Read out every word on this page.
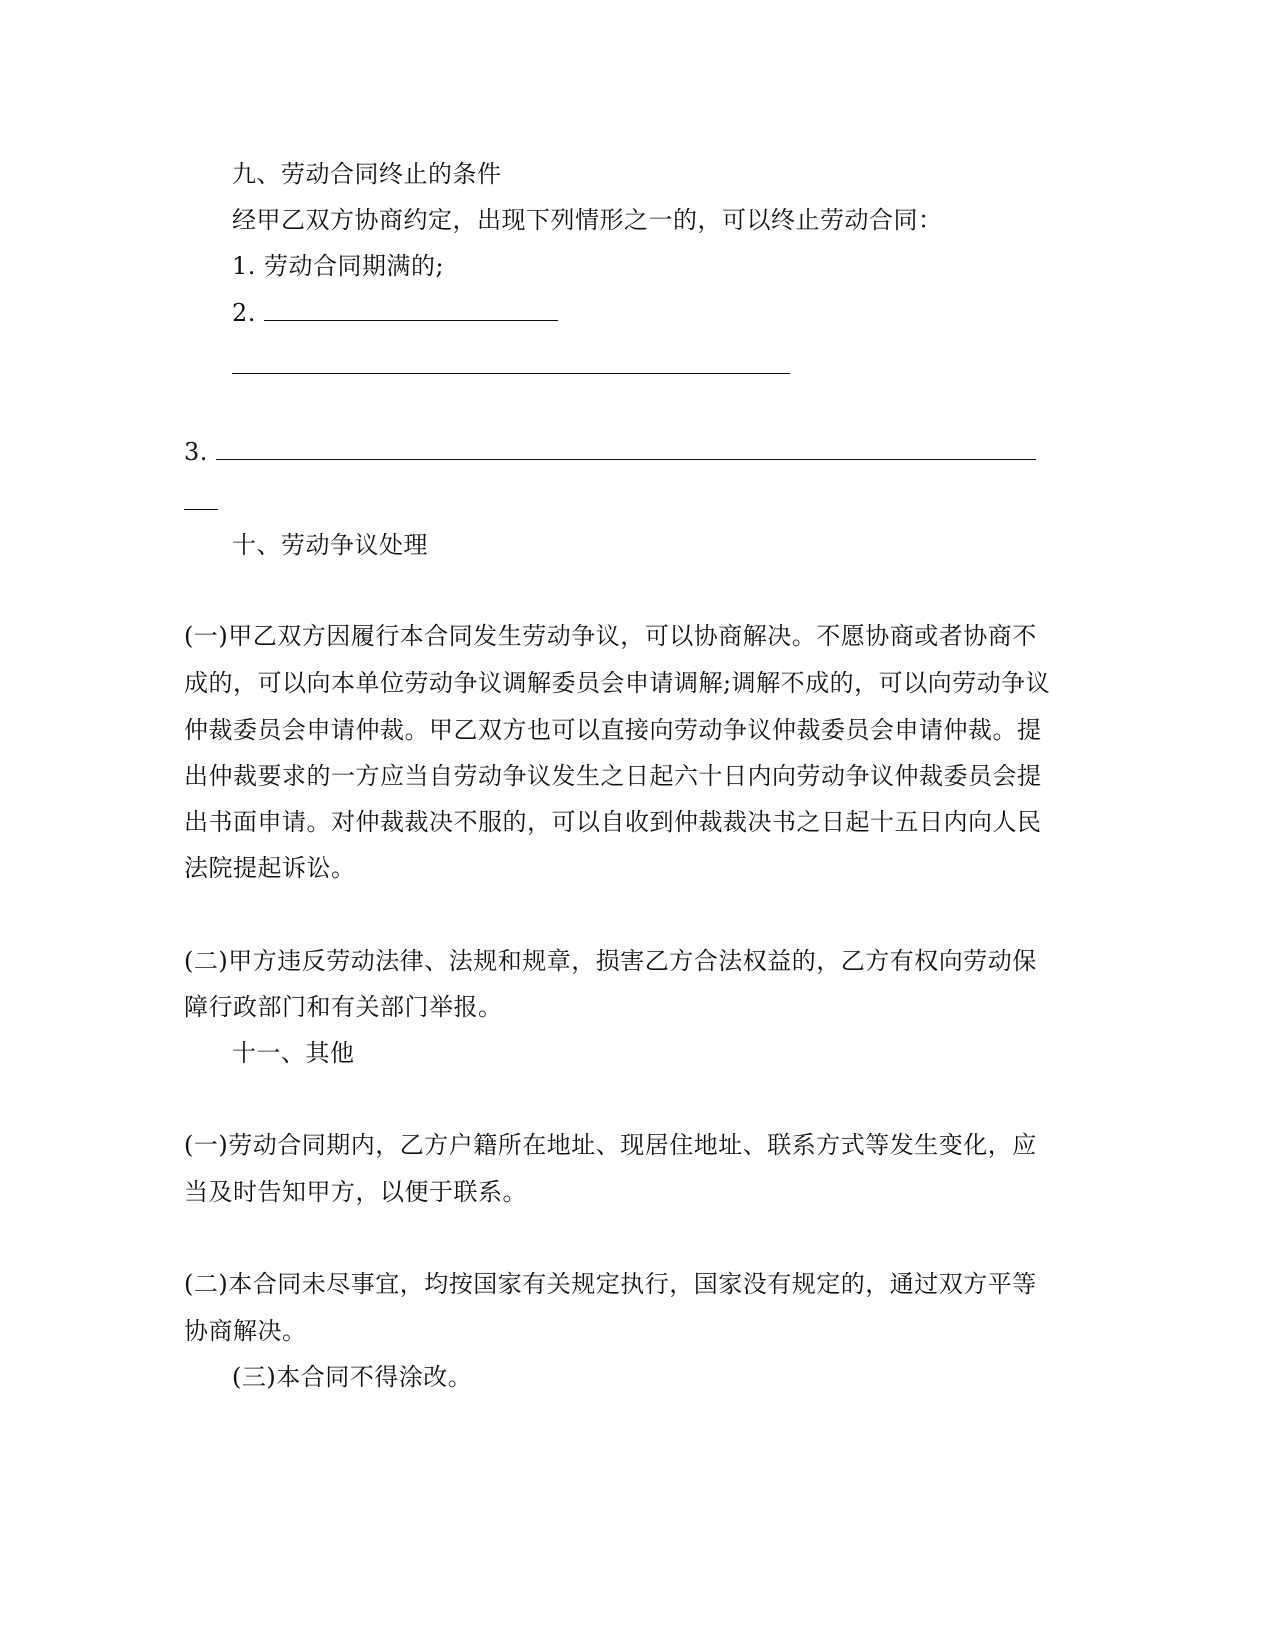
九、劳动合同终止的条件
经甲乙双方协商约定，出现下列情形之一的，可以终止劳动合同：
1. 劳动合同期满的;
2.
3.
十、劳动争议处理
(一)甲乙双方因履行本合同发生劳动争议，可以协商解决。不愿协商或者协商不
成的，可以向本单位劳动争议调解委员会申请调解;调解不成的，可以向劳动争议
仲裁委员会申请仲裁。甲乙双方也可以直接向劳动争议仲裁委员会申请仲裁。提
出仲裁要求的一方应当自劳动争议发生之日起六十日内向劳动争议仲裁委员会提
出书面申请。对仲裁裁决不服的，可以自收到仲裁裁决书之日起十五日内向人民
法院提起诉讼。
(二)甲方违反劳动法律、法规和规章，损害乙方合法权益的，乙方有权向劳动保
障行政部门和有关部门举报。
十一、其他
(一)劳动合同期内，乙方户籍所在地址、现居住地址、联系方式等发生变化，应
当及时告知甲方，以便于联系。
(二)本合同未尽事宜，均按国家有关规定执行，国家没有规定的，通过双方平等
协商解决。
(三)本合同不得涂改。
